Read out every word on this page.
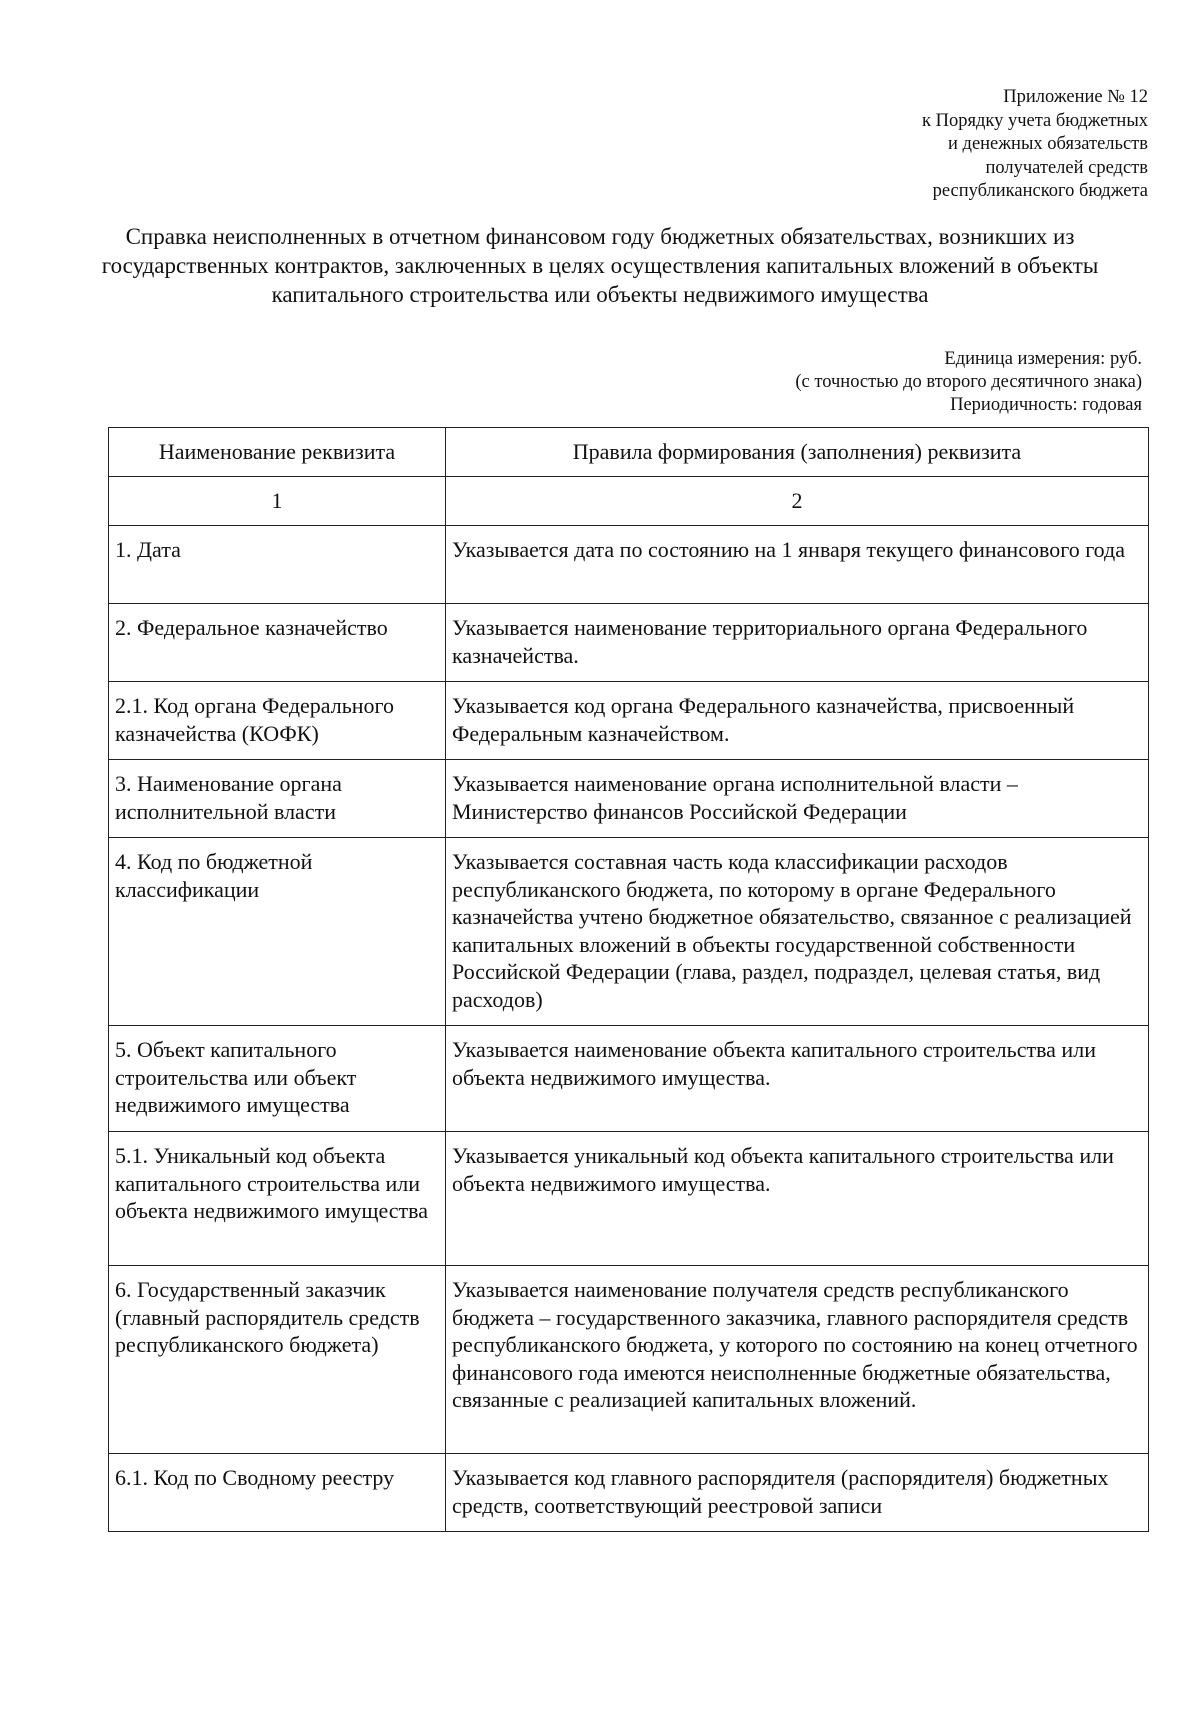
Приложение № 12
к Порядку учета бюджетных
и денежных обязательств
получателей средств
республиканского бюджета
Справка неисполненных в отчетном финансовом году бюджетных обязательствах, возникших из государственных контрактов, заключенных в целях осуществления капитальных вложений в объекты капитального строительства или объекты недвижимого имущества
Единица измерения: руб.
(с точностью до второго десятичного знака)
Периодичность: годовая
Наименование реквизита	Правила формирования (заполнения) реквизита
1	2
1. Дата	Указывается дата по состоянию на 1 января текущего финансового года
2. Федеральное казначейство	Указывается наименование территориального органа Федерального казначейства.
2.1. Код органа Федерального казначейства (КОФК)	Указывается код органа Федерального казначейства, присвоенный Федеральным казначейством.
3. Наименование органа исполнительной власти	Указывается наименование органа исполнительной власти – Министерство финансов Российской Федерации
4. Код по бюджетной классификации	Указывается составная часть кода классификации расходов республиканского бюджета, по которому в органе Федерального казначейства учтено бюджетное обязательство, связанное с реализацией капитальных вложений в объекты государственной собственности Российской Федерации (глава, раздел, подраздел, целевая статья, вид расходов)
5. Объект капитального строительства или объект недвижимого имущества	Указывается наименование объекта капитального строительства или объекта недвижимого имущества.
5.1. Уникальный код объекта капитального строительства или объекта недвижимого имущества	Указывается уникальный код объекта капитального строительства или объекта недвижимого имущества.
6. Государственный заказчик (главный распорядитель средств республиканского бюджета)	Указывается наименование получателя средств республиканского бюджета – государственного заказчика, главного распорядителя средств республиканского бюджета, у которого по состоянию на конец отчетного финансового года имеются неисполненные бюджетные обязательства, связанные с реализацией капитальных вложений.
6.1. Код по Сводному реестру	Указывается код главного распорядителя (распорядителя) бюджетных средств, соответствующий реестровой записи
